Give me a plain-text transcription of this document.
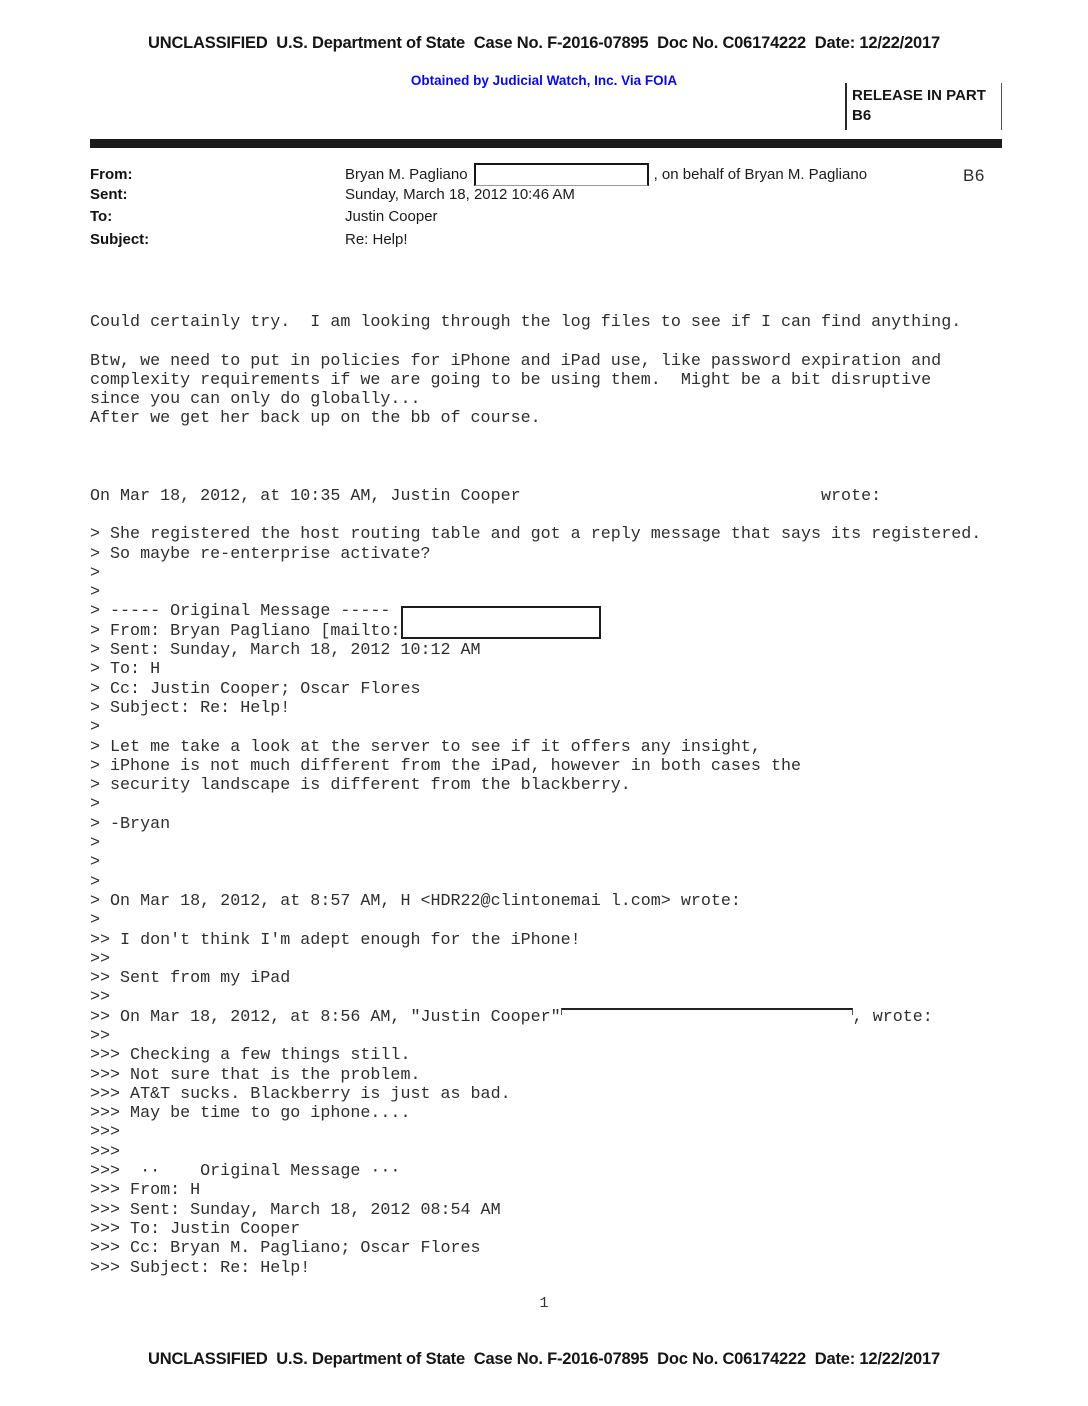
UNCLASSIFIED  U.S. Department of State  Case No. F-2016-07895  Doc No. C06174222  Date: 12/22/2017
Obtained by Judicial Watch, Inc. Via FOIA
RELEASE IN PART
B6
From:	Bryan M. Pagliano	, on behalf of Bryan M. Pagliano
Sent:	Sunday, March 18, 2012 10:46 AM
To:	Justin Cooper
Subject:	Re: Help!
B6
Could certainly try.  I am looking through the log files to see if I can find anything.
Btw, we need to put in policies for iPhone and iPad use, like password expiration and
complexity requirements if we are going to be using them.  Might be a bit disruptive
since you can only do globally...
After we get her back up on the bb of course.
On Mar 18, 2012, at 10:35 AM, Justin Cooper                              wrote:
> She registered the host routing table and got a reply message that says its registered.
> So maybe re-enterprise activate?
>
>
> ----- Original Message -----
> From: Bryan Pagliano [mailto:
> Sent: Sunday, March 18, 2012 10:12 AM
> To: H
> Cc: Justin Cooper; Oscar Flores
> Subject: Re: Help!
>
> Let me take a look at the server to see if it offers any insight,
> iPhone is not much different from the iPad, however in both cases the
> security landscape is different from the blackberry.
>
> -Bryan
>
>
>
> On Mar 18, 2012, at 8:57 AM, H <HDR22@clintonemai l.com> wrote:
>
>> I don't think I'm adept enough for the iPhone!
>>
>> Sent from my iPad
>>
>> On Mar 18, 2012, at 8:56 AM, "Justin Cooper"	, wrote:
>>
>>> Checking a few things still.
>>> Not sure that is the problem.
>>> AT&T sucks. Blackberry is just as bad.
>>> May be time to go iphone....
>>>
>>>
>>>  ··    Original Message ···
>>> From: H
>>> Sent: Sunday, March 18, 2012 08:54 AM
>>> To: Justin Cooper
>>> Cc: Bryan M. Pagliano; Oscar Flores
>>> Subject: Re: Help!
1
UNCLASSIFIED  U.S. Department of State  Case No. F-2016-07895  Doc No. C06174222  Date: 12/22/2017
